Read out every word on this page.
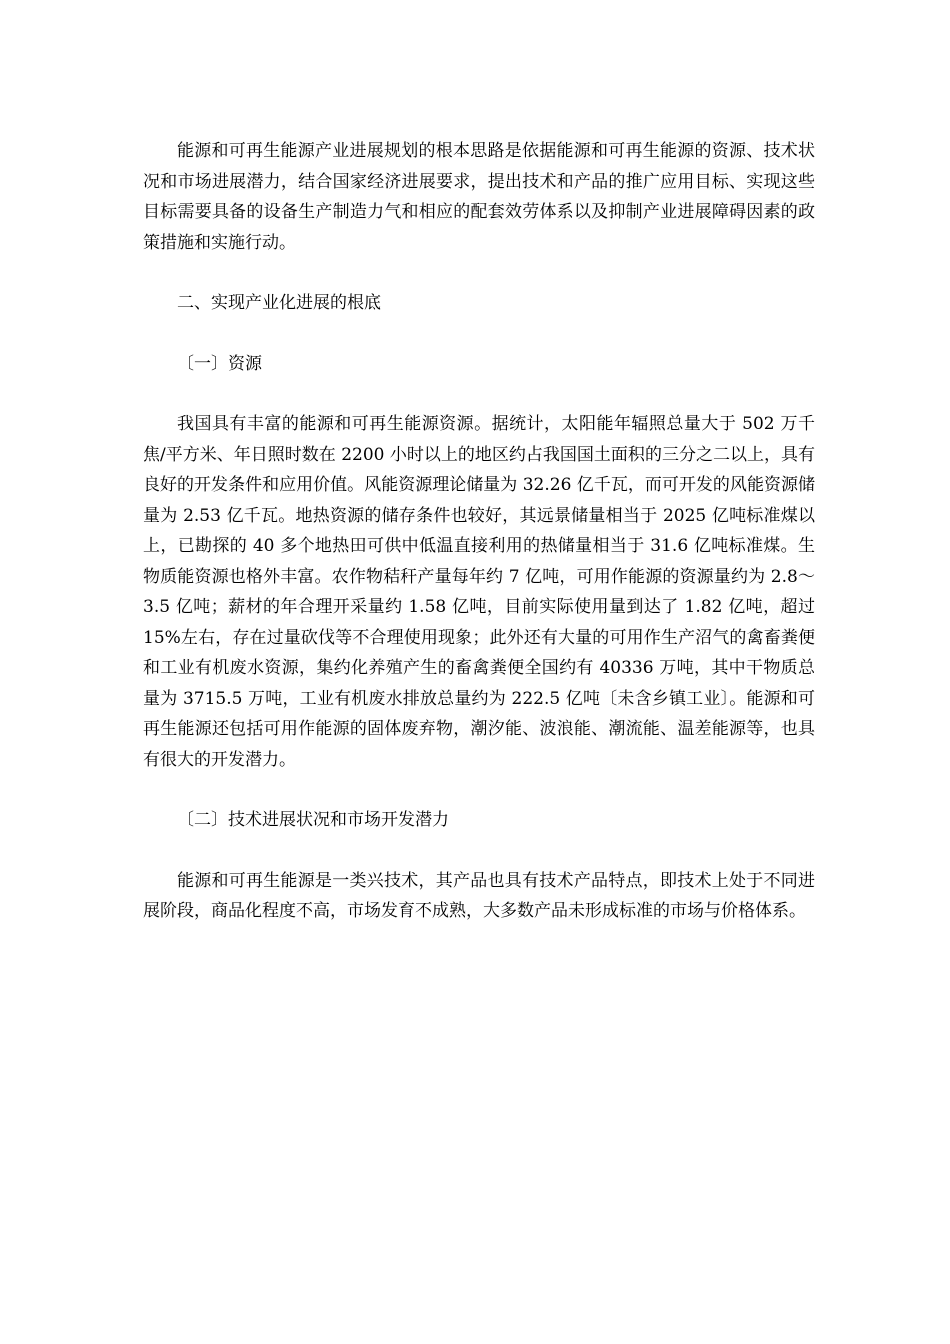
能源和可再生能源产业进展规划的根本思路是依据能源和可再生能源的资源、技术状况和市场进展潜力，结合国家经济进展要求，提出技术和产品的推广应用目标、实现这些目标需要具备的设备生产制造力气和相应的配套效劳体系以及抑制产业进展障碍因素的政策措施和实施行动。

二、实现产业化进展的根底

〔一〕资源

我国具有丰富的能源和可再生能源资源。据统计，太阳能年辐照总量大于 502 万千焦/平方米、年日照时数在 2200 小时以上的地区约占我国国土面积的三分之二以上，具有良好的开发条件和应用价值。风能资源理论储量为 32.26 亿千瓦，而可开发的风能资源储量为 2.53 亿千瓦。地热资源的储存条件也较好，其远景储量相当于 2025 亿吨标准煤以上，已勘探的 40 多个地热田可供中低温直接利用的热储量相当于 31.6 亿吨标准煤。生物质能资源也格外丰富。农作物秸秆产量每年约 7 亿吨，可用作能源的资源量约为 2.8～3.5 亿吨；薪材的年合理开采量约 1.58 亿吨，目前实际使用量到达了 1.82 亿吨，超过 15%左右，存在过量砍伐等不合理使用现象；此外还有大量的可用作生产沼气的禽畜粪便和工业有机废水资源，集约化养殖产生的畜禽粪便全国约有 40336 万吨，其中干物质总量为 3715.5 万吨，工业有机废水排放总量约为 222.5 亿吨〔未含乡镇工业〕。能源和可再生能源还包括可用作能源的固体废弃物，潮汐能、波浪能、潮流能、温差能源等，也具有很大的开发潜力。

〔二〕技术进展状况和市场开发潜力

能源和可再生能源是一类兴技术，其产品也具有技术产品特点，即技术上处于不同进展阶段，商品化程度不高，市场发育不成熟，大多数产品未形成标准的市场与价格体系。
